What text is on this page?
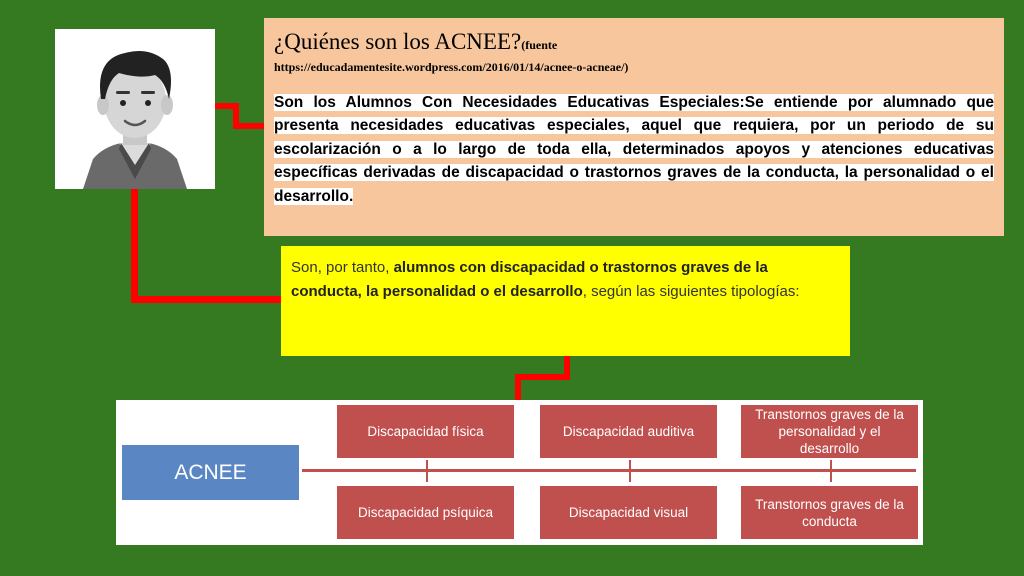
¿Quiénes son los ACNEE?(fuente
https://educadamentesite.wordpress.com/2016/01/14/acnee-o-acneae/)
Son los Alumnos Con Necesidades Educativas Especiales:Se entiende por alumnado que presenta necesidades educativas especiales, aquel que requiera, por un periodo de su escolarización o a lo largo de toda ella, determinados apoyos y atenciones educativas específicas derivadas de discapacidad o trastornos graves de la conducta, la personalidad o el desarrollo.
Son, por tanto, alumnos con discapacidad o trastornos graves de la conducta, la personalidad o el desarrollo, según las siguientes tipologías:
ACNEE
Discapacidad física	Discapacidad auditiva
Transtornos graves de la personalidad y el desarrollo
Discapacidad psíquica	Discapacidad visual
Transtornos graves de la conducta
